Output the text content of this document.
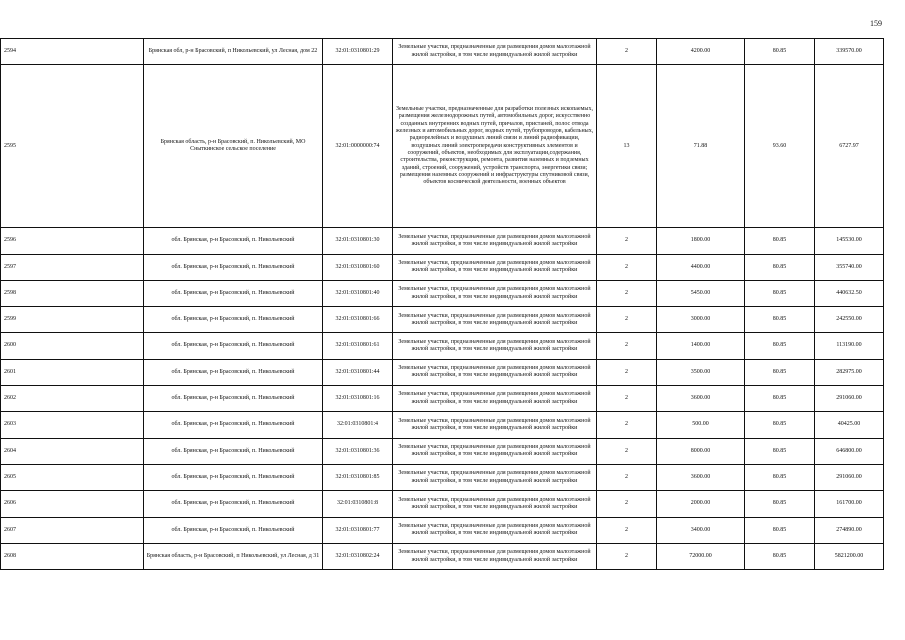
159
2594	Брянская обл, р-н Брасовский, п Никольевский, ул Лесная, дом 22	32:01:0310801:29	Земельные участки, предназначенные для размещения домов малоэтажной жилой застройки, в том числе индивидуальной жилой застройки	2	4200.00	80.85	339570.00
2595	Брянская область, р-н Брасовский, п. Никольевский, МО Сныткинское сельское поселение	32:01:0000000:74	Земельные участки, предназначенные для разработки полезных ископаемых, размещения железнодорожных путей, автомобильных дорог, искусственно созданных внутренних водных путей, причалов, пристаней, полос отвода железных и автомобильных дорог, водных путей, трубопроводов, кабельных, радиорелейных и воздушных линий связи и линий радиофикации, воздушных линий электропередачи конструктивных элементов и сооружений, объектов, необходимых для эксплуатации,содержания, строительства, реконструкции, ремонта, развития наземных и подземных зданий, строений, сооружений, устройств транспорта, энергетики связи; размещения наземных сооружений и инфраструктуры спутниковой связи, объектов космической деятельности, военных объектов	13	71.88	93.60	6727.97
2596	обл. Брянская, р-н Брасовский, п. Никольевский	32:01:0310801:30	Земельные участки, предназначенные для размещения домов малоэтажной жилой застройки, в том числе индивидуальной жилой застройки	2	1800.00	80.85	145530.00
2597	обл. Брянская, р-н Брасовский, п. Никольевский	32:01:0310801:60	Земельные участки, предназначенные для размещения домов малоэтажной жилой застройки, в том числе индивидуальной жилой застройки	2	4400.00	80.85	355740.00
2598	обл. Брянская, р-н Брасовский, п. Никольевский	32:01:0310801:40	Земельные участки, предназначенные для размещения домов малоэтажной жилой застройки, в том числе индивидуальной жилой застройки	2	5450.00	80.85	440632.50
2599	обл. Брянская, р-н Брасовский, п. Никольевский	32:01:0310801:66	Земельные участки, предназначенные для размещения домов малоэтажной жилой застройки, в том числе индивидуальной жилой застройки	2	3000.00	80.85	242550.00
2600	обл. Брянская, р-н Брасовский, п. Никольевский	32:01:0310801:61	Земельные участки, предназначенные для размещения домов малоэтажной жилой застройки, в том числе индивидуальной жилой застройки	2	1400.00	80.85	113190.00
2601	обл. Брянская, р-н Брасовский, п. Никольевский	32:01:0310801:44	Земельные участки, предназначенные для размещения домов малоэтажной жилой застройки, в том числе индивидуальной жилой застройки	2	3500.00	80.85	282975.00
2602	обл. Брянская, р-н Брасовский, п. Никольевский	32:01:0310801:16	Земельные участки, предназначенные для размещения домов малоэтажной жилой застройки, в том числе индивидуальной жилой застройки	2	3600.00	80.85	291060.00
2603	обл. Брянская, р-н Брасовский, п. Никольевский	32:01:0310801:4	Земельные участки, предназначенные для размещения домов малоэтажной жилой застройки, в том числе индивидуальной жилой застройки	2	500.00	80.85	40425.00
2604	обл. Брянская, р-н Брасовский, п. Никольевский	32:01:0310801:36	Земельные участки, предназначенные для размещения домов малоэтажной жилой застройки, в том числе индивидуальной жилой застройки	2	8000.00	80.85	646800.00
2605	обл. Брянская, р-н Брасовский, п. Никольевский	32:01:0310801:85	Земельные участки, предназначенные для размещения домов малоэтажной жилой застройки, в том числе индивидуальной жилой застройки	2	3600.00	80.85	291060.00
2606	обл. Брянская, р-н Брасовский, п. Никольевский	32:01:0310801:8	Земельные участки, предназначенные для размещения домов малоэтажной жилой застройки, в том числе индивидуальной жилой застройки	2	2000.00	80.85	161700.00
2607	обл. Брянская, р-н Брасовский, п. Никольевский	32:01:0310801:77	Земельные участки, предназначенные для размещения домов малоэтажной жилой застройки, в том числе индивидуальной жилой застройки	2	3400.00	80.85	274890.00
2608	Брянская область, р-н Брасовский, п Никольевский, ул Лесная, д 31	32:01:0310802:24	Земельные участки, предназначенные для размещения домов малоэтажной жилой застройки, в том числе индивидуальной жилой застройки	2	72000.00	80.85	5821200.00
